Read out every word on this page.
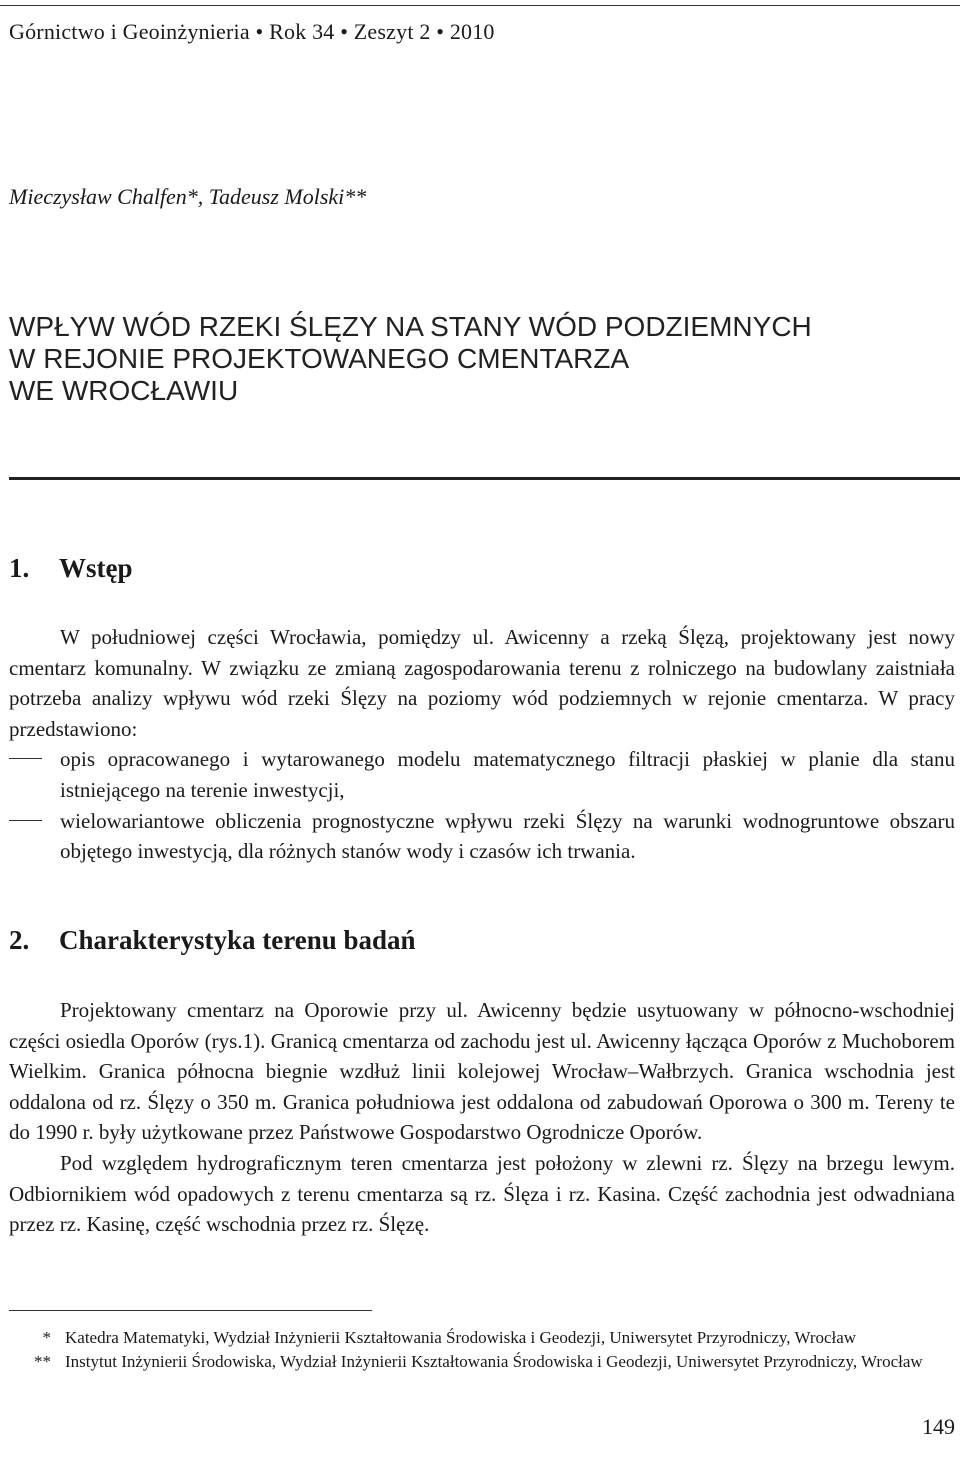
Górnictwo i Geoinżynieria • Rok 34 • Zeszyt 2 • 2010
Mieczysław Chalfen*, Tadeusz Molski**
WPŁYW WÓD RZEKI ŚLĘZY NA STANY WÓD PODZIEMNYCH
W REJONIE PROJEKTOWANEGO CMENTARZA
WE WROCŁAWIU
1. Wstęp

W południowej części Wrocławia, pomiędzy ul. Awicenny a rzeką Ślęzą, projektowany jest nowy cmentarz komunalny. W związku ze zmianą zagospodarowania terenu z rolniczego na budowlany zaistniała potrzeba analizy wpływu wód rzeki Ślęzy na poziomy wód podziemnych w rejonie cmentarza. W pracy przedstawiono:

opis opracowanego i wytarowanego modelu matematycznego filtracji płaskiej w planie dla stanu istniejącego na terenie inwestycji,

wielowariantowe obliczenia prognostyczne wpływu rzeki Ślęzy na warunki wodnogruntowe obszaru objętego inwestycją, dla różnych stanów wody i czasów ich trwania.

2. Charakterystyka terenu badań

Projektowany cmentarz na Oporowie przy ul. Awicenny będzie usytuowany w północno-wschodniej części osiedla Oporów (rys.1). Granicą cmentarza od zachodu jest ul. Awicenny łącząca Oporów z Muchoborem Wielkim. Granica północna biegnie wzdłuż linii kolejowej Wrocław–Wałbrzych. Granica wschodnia jest oddalona od rz. Ślęzy o 350 m. Granica południowa jest oddalona od zabudowań Oporowa o 300 m. Tereny te do 1990 r. były użytkowane przez Państwowe Gospodarstwo Ogrodnicze Oporów.

Pod względem hydrograficznym teren cmentarza jest położony w zlewni rz. Ślęzy na brzegu lewym. Odbiornikiem wód opadowych z terenu cmentarza są rz. Ślęza i rz. Kasina. Część zachodnia jest odwadniana przez rz. Kasinę, część wschodnia przez rz. Ślęzę.

* Katedra Matematyki, Wydział Inżynierii Kształtowania Środowiska i Geodezji, Uniwersytet Przyrodniczy, Wrocław
** Instytut Inżynierii Środowiska, Wydział Inżynierii Kształtowania Środowiska i Geodezji, Uniwersytet Przyrodniczy, Wrocław
149
